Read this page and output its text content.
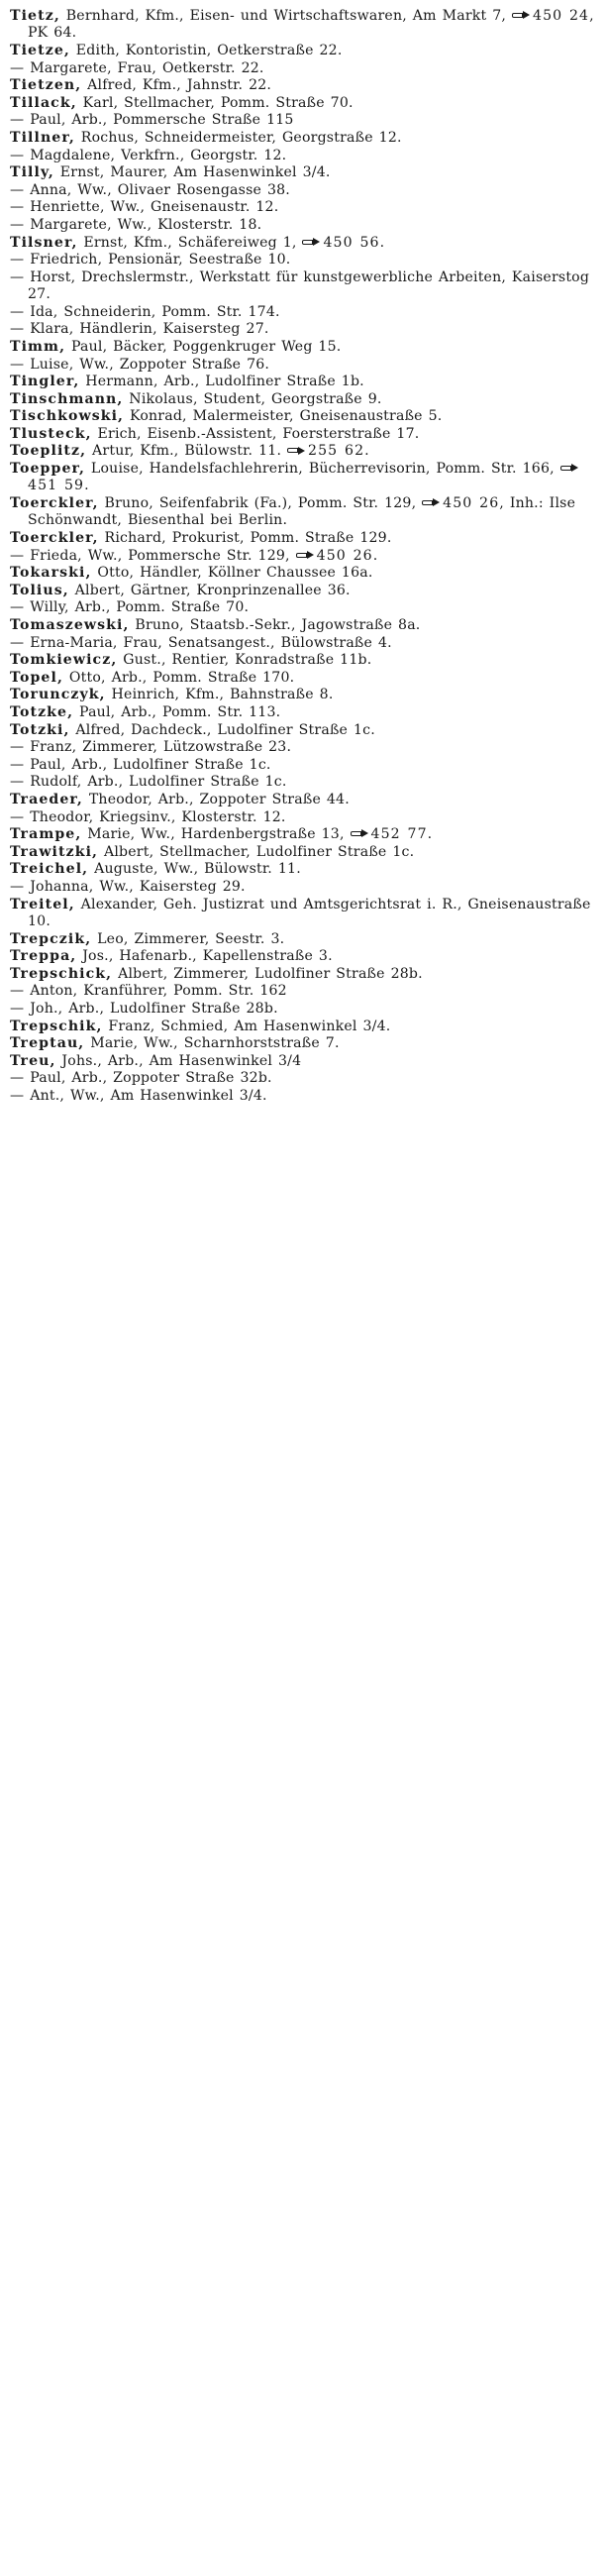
Tietz, Bernhard, Kfm., Eisen- und Wirtschaftswaren, Am Markt 7, 450 24, PK 64.

Tietze, Edith, Kontoristin, Oetkerstraße 22.

— Margarete, Frau, Oetkerstr. 22.

Tietzen, Alfred, Kfm., Jahnstr. 22.

Tillack, Karl, Stellmacher, Pomm. Straße 70.

— Paul, Arb., Pommersche Straße 115

Tillner, Rochus, Schneidermeister, Georgstraße 12.

— Magdalene, Verkfrn., Georgstr. 12.

Tilly, Ernst, Maurer, Am Hasenwinkel 3/4.

— Anna, Ww., Olivaer Rosengasse 38.

— Henriette, Ww., Gneisenaustr. 12.

— Margarete, Ww., Klosterstr. 18.

Tilsner, Ernst, Kfm., Schäfereiweg 1, 450 56.

— Friedrich, Pensionär, Seestraße 10.

— Horst, Drechslermstr., Werkstatt für kunstgewerbliche Arbeiten, Kaiserstog 27.

— Ida, Schneiderin, Pomm. Str. 174.

— Klara, Händlerin, Kaisersteg 27.

Timm, Paul, Bäcker, Poggenkruger Weg 15.

— Luise, Ww., Zoppoter Straße 76.

Tingler, Hermann, Arb., Ludolfiner Straße 1b.

Tinschmann, Nikolaus, Student, Georgstraße 9.

Tischkowski, Konrad, Malermeister, Gneisenaustraße 5.

Tlusteck, Erich, Eisenb.-Assistent, Foersterstraße 17.

Toeplitz, Artur, Kfm., Bülowstr. 11. 255 62.

Toepper, Louise, Handelsfachlehrerin, Bücherrevisorin, Pomm. Str. 166, 451 59.

Toerckler, Bruno, Seifenfabrik (Fa.), Pomm. Str. 129, 450 26, Inh.: Ilse Schönwandt, Biesenthal bei Berlin.

Toerckler, Richard, Prokurist, Pomm. Straße 129.

— Frieda, Ww., Pommersche Str. 129, 450 26.

Tokarski, Otto, Händler, Köllner Chaussee 16a.

Tolius, Albert, Gärtner, Kronprinzenallee 36.

— Willy, Arb., Pomm. Straße 70.

Tomaszewski, Bruno, Staatsb.-Sekr., Jagowstraße 8a.

— Erna-Maria, Frau, Senatsangest., Bülowstraße 4.

Tomkiewicz, Gust., Rentier, Konradstraße 11b.

Topel, Otto, Arb., Pomm. Straße 170.

Torunczyk, Heinrich, Kfm., Bahnstraße 8.

Totzke, Paul, Arb., Pomm. Str. 113.

Totzki, Alfred, Dachdeck., Ludolfiner Straße 1c.

— Franz, Zimmerer, Lützowstraße 23.

— Paul, Arb., Ludolfiner Straße 1c.

— Rudolf, Arb., Ludolfiner Straße 1c.

Traeder, Theodor, Arb., Zoppoter Straße 44.

— Theodor, Kriegsinv., Klosterstr. 12.

Trampe, Marie, Ww., Hardenbergstraße 13, 452 77.

Trawitzki, Albert, Stellmacher, Ludolfiner Straße 1c.

Treichel, Auguste, Ww., Bülowstr. 11.

— Johanna, Ww., Kaisersteg 29.

Treitel, Alexander, Geh. Justizrat und Amtsgerichtsrat i. R., Gneisenaustraße 10.

Trepczik, Leo, Zimmerer, Seestr. 3.

Treppa, Jos., Hafenarb., Kapellenstraße 3.

Trepschick, Albert, Zimmerer, Ludolfiner Straße 28b.

— Anton, Kranführer, Pomm. Str. 162

— Joh., Arb., Ludolfiner Straße 28b.

Trepschik, Franz, Schmied, Am Hasenwinkel 3/4.

Treptau, Marie, Ww., Scharnhorststraße 7.

Treu, Johs., Arb., Am Hasenwinkel 3/4

— Paul, Arb., Zoppoter Straße 32b.

— Ant., Ww., Am Hasenwinkel 3/4.
